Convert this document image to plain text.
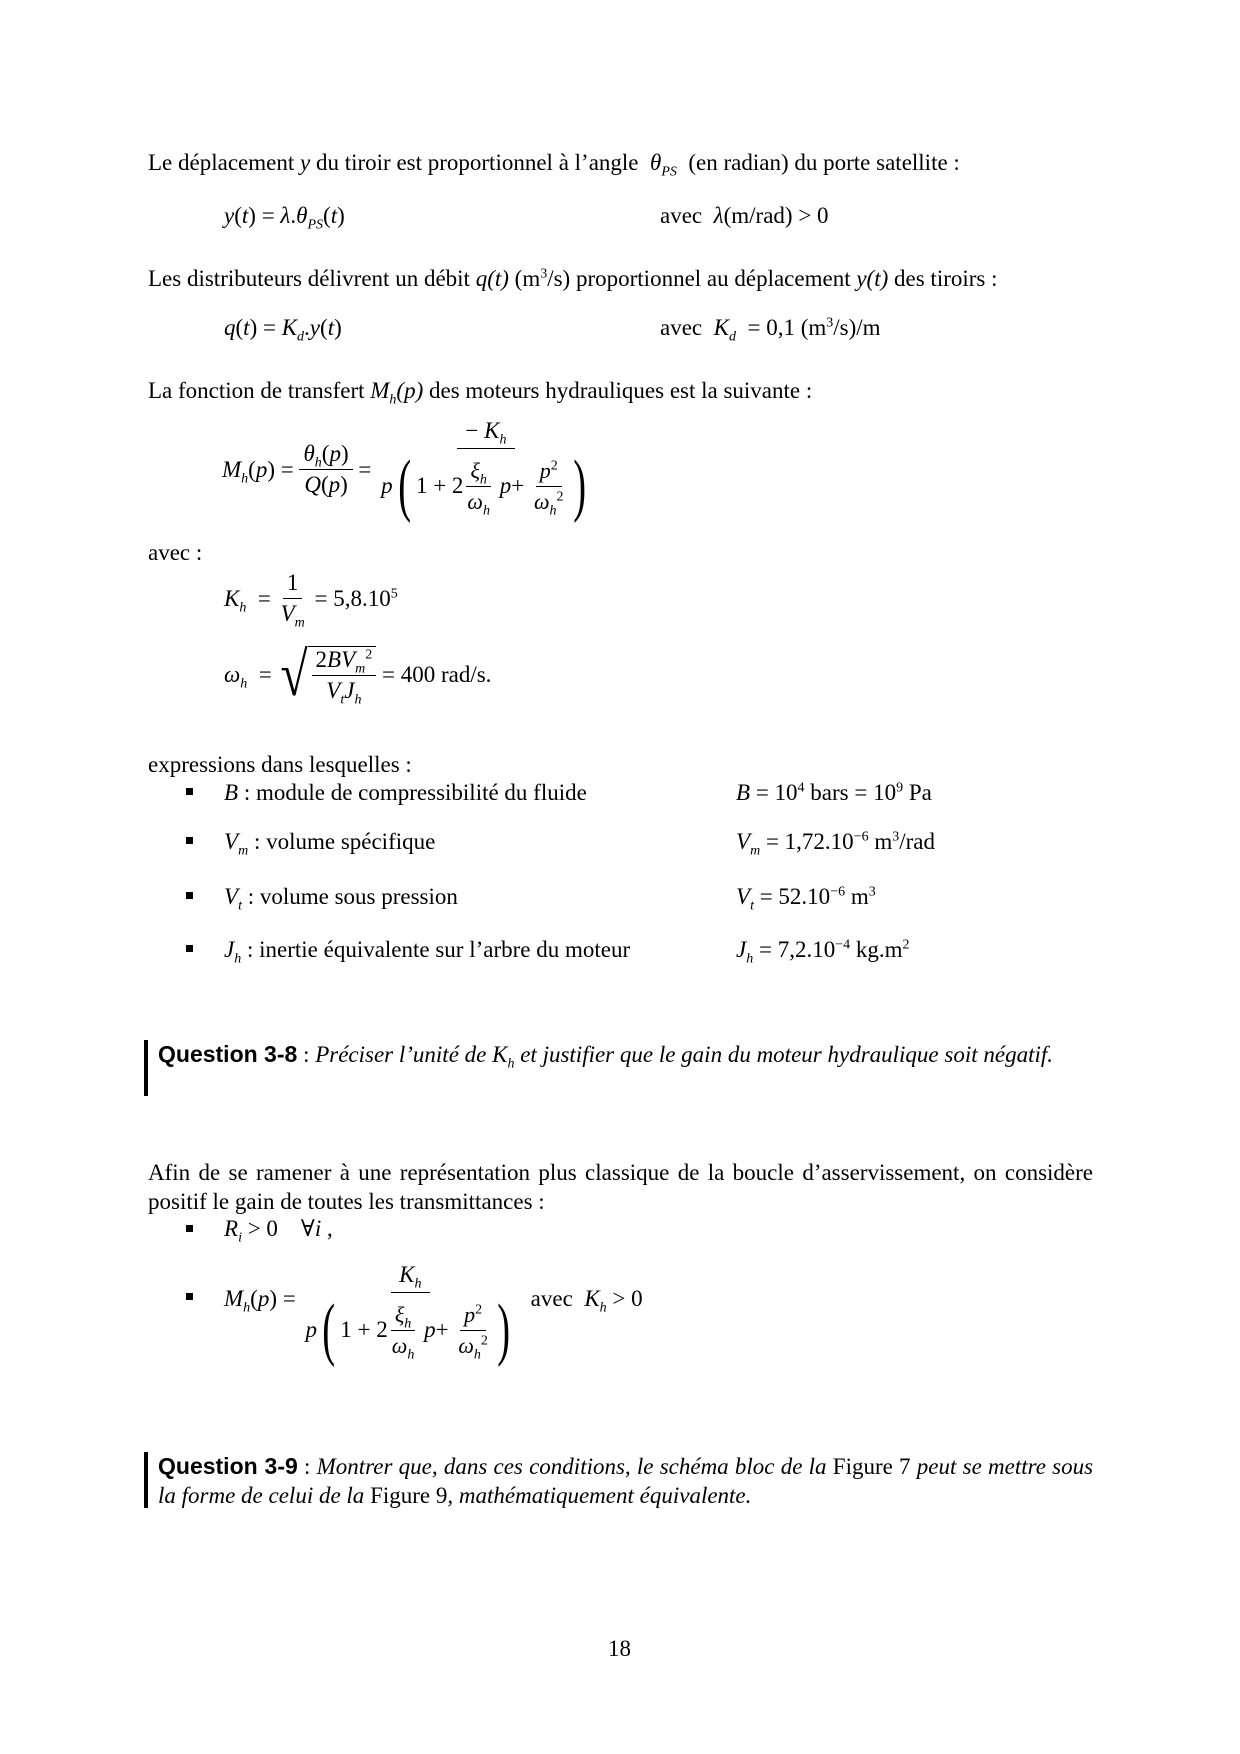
Le déplacement y du tiroir est proportionnel à l’angle  $\theta_{PS}$  (en radian) du porte satellite :
$y(t) = \lambda.\theta_{PS}(t)$	avec  λ(m/rad) > 0
Les distributeurs délivrent un débit q(t) $(m^3/s)$ proportionnel au déplacement y(t) des tiroirs :
$q(t) = K_d.y(t)$	avec  $K_d = 0,1$ $(m^3/s)/m$
La fonction de transfert $M_h(p)$ des moteurs hydrauliques est la suivante :
$M_h(p) = \frac{\theta_h(p)}{Q(p)}$ = − $K_h$
p ( $1 + 2 \frac{\xi_h}{\omega_h}$
$p + \frac{p^2}{\omega_h^2}$ )
avec :
$K_h = \frac{1}{V_m} = 5,8.10^5$
$\omega_h$  = √ $\frac{2BV_m^2}{V_tJ_h} = 400$ rad/s.
expressions dans lesquelles :
B : module de compressibilité du fluide	$B = 10^4$ bars = $10^9$ Pa
$V_m$ : volume spécifique	$V_m = 1,72.10^{-6}$ $m^3$/rad
$V_t$ : volume sous pression	$V_t = 52.10^{-6}$ $m^3$
$J_h$ : inertie équivalente sur l’arbre du moteur	$J_h = 7,2.10^{-4}$ $kg.m^2$
Question 3-8 : Préciser l’unité de $K_h$ et justifier que le gain du moteur hydraulique soit négatif.
Afin de se ramener à une représentation plus classique de la boucle d’asservissement, on considère positif le gain de toutes les transmittances :
$R_i > 0$    ∀i ,
$M_h(p) = K_h$
p ( $1 + 2 \frac{\xi_h}{\omega_h}$
$p + \frac{p^2}{\omega_h^2}$ ) avec  $K_h > 0$
Question 3-9 : Montrer que, dans ces conditions, le schéma bloc de la Figure 7 peut se mettre sous la forme de celui de la Figure 9, mathématiquement équivalente.
18
